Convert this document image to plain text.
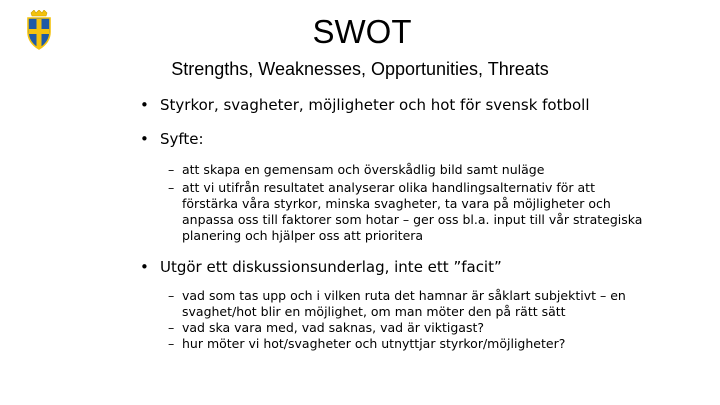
SWOT
Strengths, Weaknesses, Opportunities, Threats
• Styrkor, svagheter, möjligheter och hot för svensk fotboll
• Syfte:
– att skapa en gemensam och överskådlig bild samt nuläge
– att vi utifrån resultatet analyserar olika handlingsalternativ för att förstärka våra styrkor, minska svagheter, ta vara på möjligheter och anpassa oss till faktorer som hotar – ger oss bl.a. input till vår strategiska planering och hjälper oss att prioritera
• Utgör ett diskussionsunderlag, inte ett ”facit”
– vad som tas upp och i vilken ruta det hamnar är såklart subjektivt – en svaghet/hot blir en möjlighet, om man möter den på rätt sätt
– vad ska vara med, vad saknas, vad är viktigast?
– hur möter vi hot/svagheter och utnyttjar styrkor/möjligheter?
